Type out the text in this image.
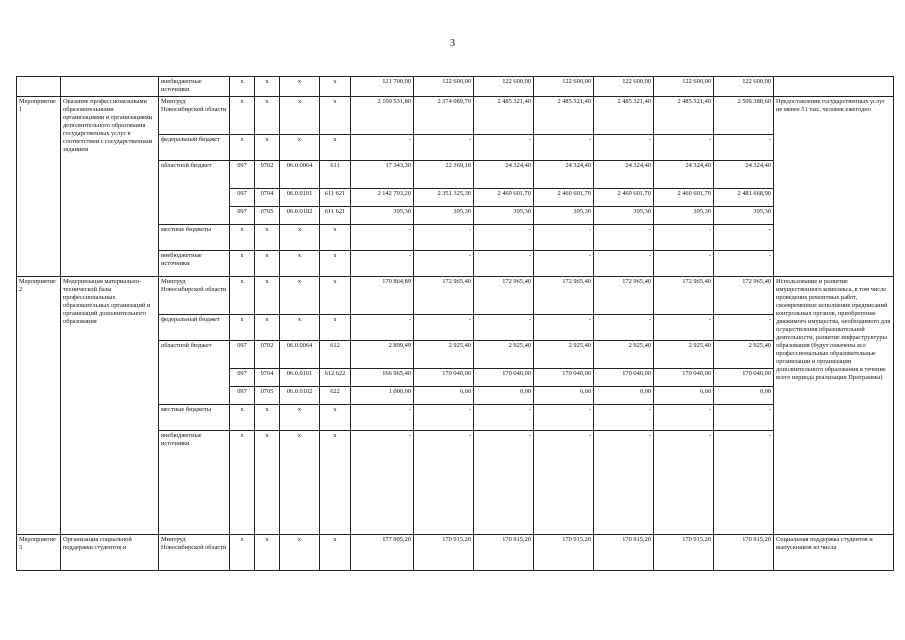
3
		внебюджетные источники	х	х	х	х	121 700,00	122 600,00	122 600,00	122 600,00	122 600,00	122 600,00	122 600,00	
Мероприятие 1	Оказание профессиональными образовательными организациями и организациями дополнительного образования государственных услуг в соответствии с государственным заданием	Минтруд Новосибирской области	х	х	х	х	2 160 531,80	2 374 089,70	2 485 321,40	2 485 321,40	2 485 321,40	2 485 321,40	2 506 388,60	Предоставление государственных услуг не менее 51 тыс. человек ежегодно
		федеральный бюджет	х	х	х	х	-	-	-	-	-	-	-	
		областной бюджет	097	0702	06.0.0064	611	17 343,30	22 369,10	24 324,40	24 324,40	24 324,40	24 324,40	24 324,40	
			097	0704	06.0.0101	611 621	2 142 793,20	2 351 325,30	2 460 601,70	2 460 601,70	2 460 601,70	2 460 601,70	2 481 668,90	
			097	0705	06.0.0102	611 621	395,30	395,30	395,30	395,30	395,30	395,30	395,30	
		местные бюджеты	х	х	х	х	-	-	-	-	-	-	-	
		внебюджетные источники	х	х	х	х	-	-	-	-	-	-	-	
Мероприятие 2	Модернизация материально-технической базы профессиональных образовательных организаций и организаций дополнительного образования	Минтруд Новосибирской области	х	х	х	х	170 864,89	172 965,40	172 965,40	172 965,40	172 965,40	172 965,40	172 965,40	Использование и развитие имущественного комплекса, в том числе проведение ремонтных работ, своевременное исполнение предписаний контрольных органов, приобретение движимого имущества, необходимого для осуществления образовательной деятельности, развитие инфраструктуры образования (будут охвачены все профессиональные образовательные организации и организации дополнительного образования в течение всего периода реализации Программы)
		федеральный бюджет	х	х	х	х	-	-	-	-	-	-	-	
		областной бюджет	097	0702	06.0.0064	612	2 899,49	2 925,40	2 925,40	2 925,40	2 925,40	2 925,40	2 925,40	
			097	0704	06.0.0101	612 622	166 965,40	170 040,00	170 040,00	170 040,00	170 040,00	170 040,00	170 040,00	
			097	0705	06.0.0102	622	1 000,00	0,00	0,00	0,00	0,00	0,00	0,00	
		местные бюджеты	х	х	х	х	-	-	-	-	-	-	-	
		внебюджетные источники	х	х	х	х	-	-	-	-	-	-	-	
Мероприятие 3	Организация социальной поддержки студентов и	Минтруд Новосибирской области	х	х	х	х	177 905,20	170 915,20	170 915,20	170 915,20	170 915,20	170 915,20	170 915,20	Социальная поддержка студентов и выпускников из числа
